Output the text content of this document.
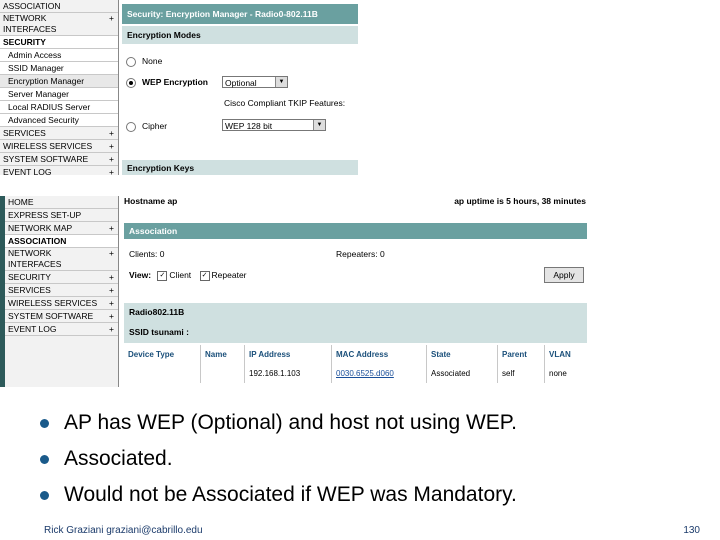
ASSOCIATION
NETWORK INTERFACES
+
SECURITY
Admin Access
SSID Manager
Encryption Manager
Server Manager
Local RADIUS Server
Advanced Security
SERVICES	+
WIRELESS SERVICES +
SYSTEM SOFTWARE +
EVENT LOG	+
Security: Encryption Manager - Radio0-802.11B
Encryption Modes
None
WEP Encryption	Optional	▼
Cisco Compliant TKIP Features:
Cipher	WEP 128 bit	▼
Encryption Keys
HOME
EXPRESS SET-UP
NETWORK MAP	+
ASSOCIATION
NETWORK INTERFACES
+
SECURITY	+
SERVICES	+
WIRELESS SERVICES +
SYSTEM SOFTWARE +
EVENT LOG	+
Hostname ap	ap uptime is 5 hours, 38 minutes
Association
Clients: 0	Repeaters: 0
View: ✓ Client ✓ Repeater	Apply
Radio802.11B
SSID tsunami :
Device Type	Name	IP Address	MAC Address	State	Parent	VLAN
		192.168.1.103	0030.6525.d060	Associated	self	none
AP has WEP (Optional) and host not using WEP.
Associated.
Would not be Associated if WEP was Mandatory.
Rick Graziani graziani@cabrillo.edu	130
